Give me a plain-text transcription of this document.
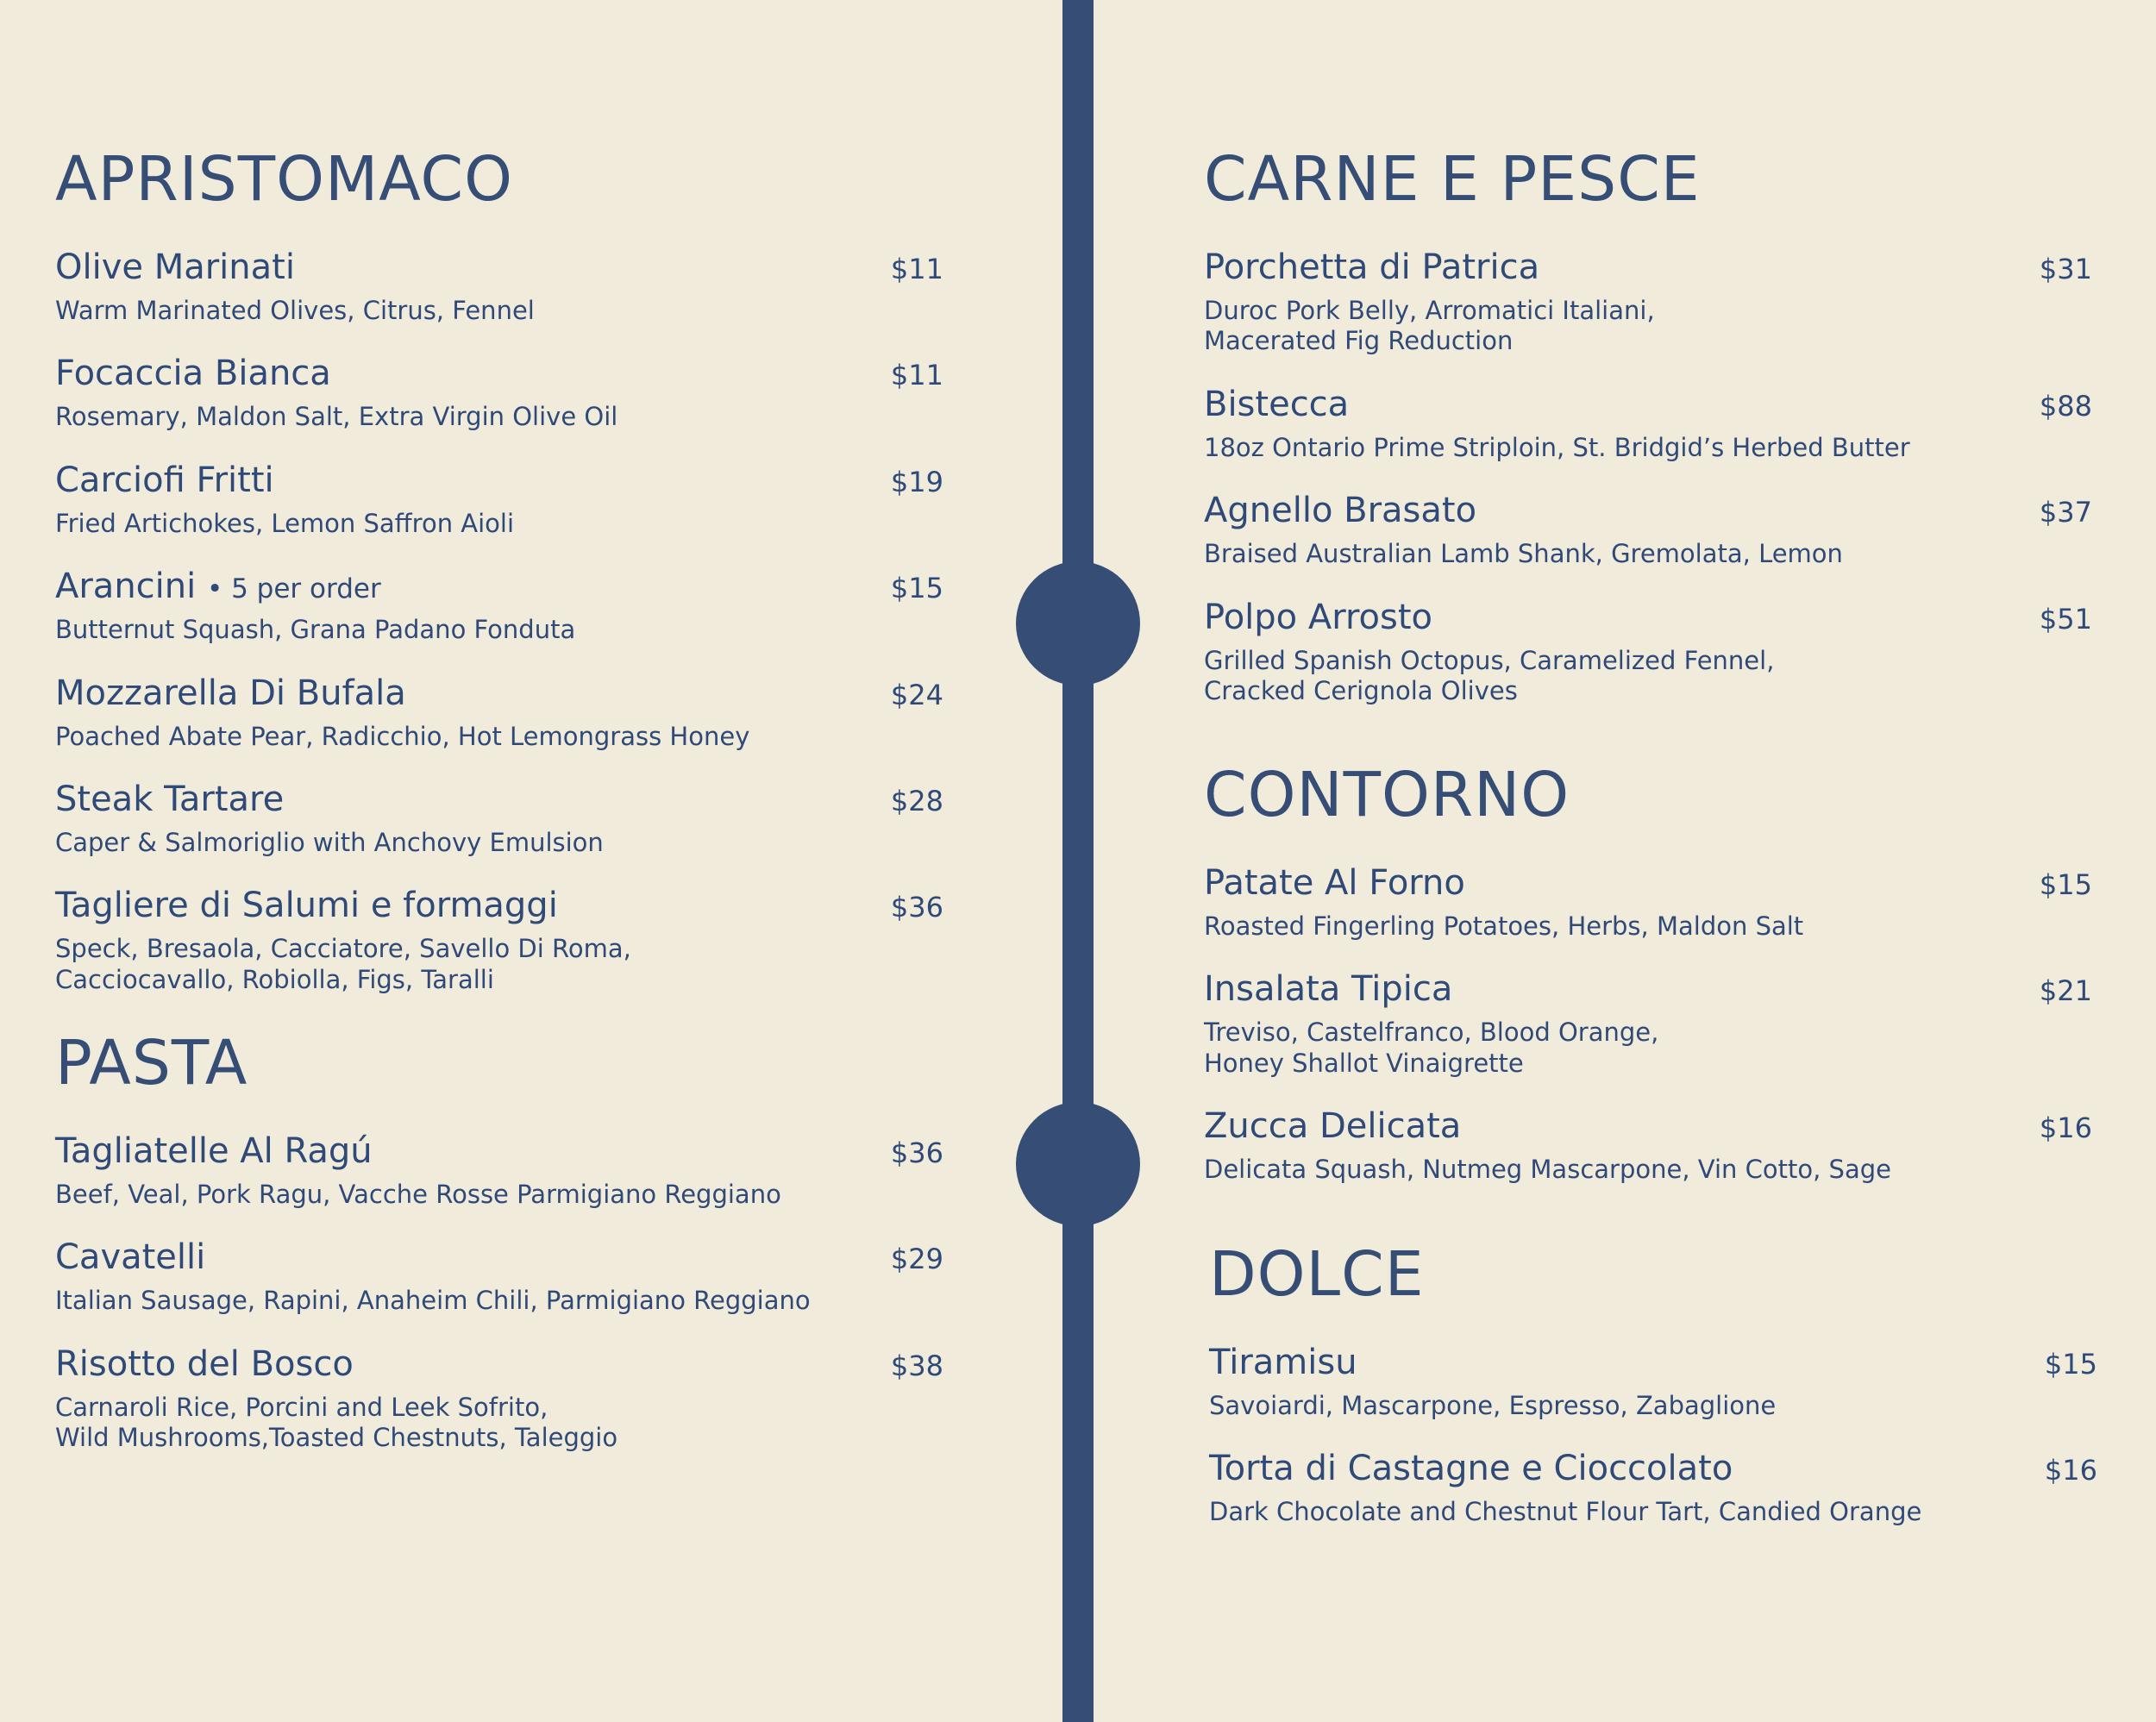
APRISTOMACO
Olive Marinati	$11
Warm Marinated Olives, Citrus, Fennel
Focaccia Bianca	$11
Rosemary, Maldon Salt, Extra Virgin Olive Oil
Carciofi Fritti	$19
Fried Artichokes, Lemon Saffron Aioli
Arancini • 5 per order	$15
Butternut Squash, Grana Padano Fonduta
Mozzarella Di Bufala	$24
Poached Abate Pear, Radicchio, Hot Lemongrass Honey
Steak Tartare	$28
Caper & Salmoriglio with Anchovy Emulsion
Tagliere di Salumi e formaggi	$36
Speck, Bresaola, Cacciatore, Savello Di Roma,
Cacciocavallo, Robiolla, Figs, Taralli
PASTA
Tagliatelle Al Ragú	$36
Beef, Veal, Pork Ragu, Vacche Rosse Parmigiano Reggiano
Cavatelli	$29
Italian Sausage, Rapini, Anaheim Chili, Parmigiano Reggiano
Risotto del Bosco	$38
Carnaroli Rice, Porcini and Leek Sofrito,
Wild Mushrooms,Toasted Chestnuts, Taleggio
CARNE E PESCE
Porchetta di Patrica	$31
Duroc Pork Belly, Arromatici Italiani,
Macerated Fig Reduction
Bistecca	$88
18oz Ontario Prime Striploin, St. Bridgid’s Herbed Butter
Agnello Brasato	$37
Braised Australian Lamb Shank, Gremolata, Lemon
Polpo Arrosto	$51
Grilled Spanish Octopus, Caramelized Fennel,
Cracked Cerignola Olives
CONTORNO
Patate Al Forno	$15
Roasted Fingerling Potatoes, Herbs, Maldon Salt
Insalata Tipica	$21
Treviso, Castelfranco, Blood Orange,
Honey Shallot Vinaigrette
Zucca Delicata	$16
Delicata Squash, Nutmeg Mascarpone, Vin Cotto, Sage
DOLCE
Tiramisu	$15
Savoiardi, Mascarpone, Espresso, Zabaglione
Torta di Castagne e Cioccolato	$16
Dark Chocolate and Chestnut Flour Tart, Candied Orange
